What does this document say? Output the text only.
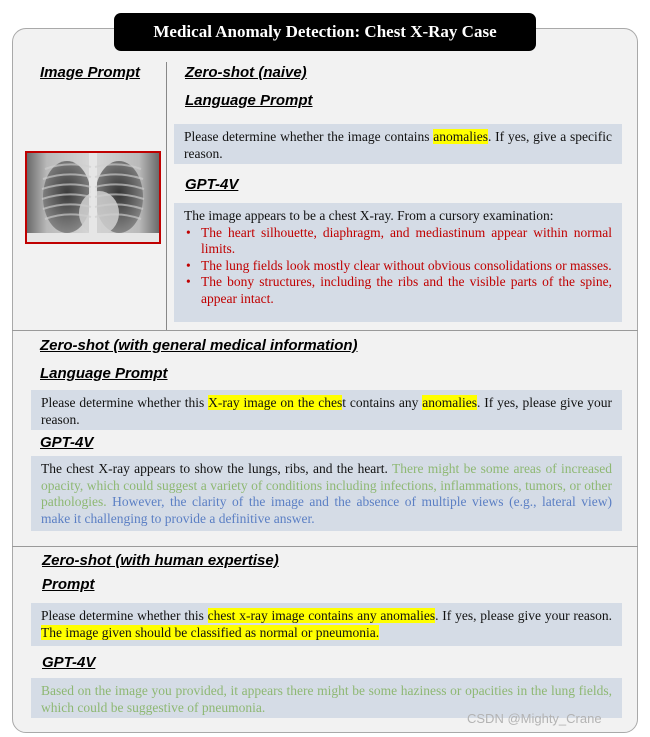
Medical Anomaly Detection: Chest X-Ray Case
Image Prompt	Zero-shot (naive)
Language Prompt
Please determine whether the image contains anomalies. If yes, give a specific reason.
GPT-4V
The image appears to be a chest X-ray. From a cursory examination:
• The heart silhouette, diaphragm, and mediastinum appear within normal limits.
• The lung fields look mostly clear without obvious consolidations or masses.
• The bony structures, including the ribs and the visible parts of the spine, appear intact.
Zero-shot (with general medical information)
Language Prompt
Please determine whether this X-ray image on the chest contains any anomalies. If yes, please give your reason.
GPT-4V
The chest X-ray appears to show the lungs, ribs, and the heart. There might be some areas of increased opacity, which could suggest a variety of conditions including infections, inflammations, tumors, or other pathologies. However, the clarity of the image and the absence of multiple views (e.g., lateral view) make it challenging to provide a definitive answer.
Zero-shot (with human expertise)
Prompt
Please determine whether this chest x-ray image contains any anomalies. If yes, please give your reason. The image given should be classified as normal or pneumonia.
GPT-4V
Based on the image you provided, it appears there might be some haziness or opacities in the lung fields, which could be suggestive of pneumonia.
CSDN @Mighty_Crane
